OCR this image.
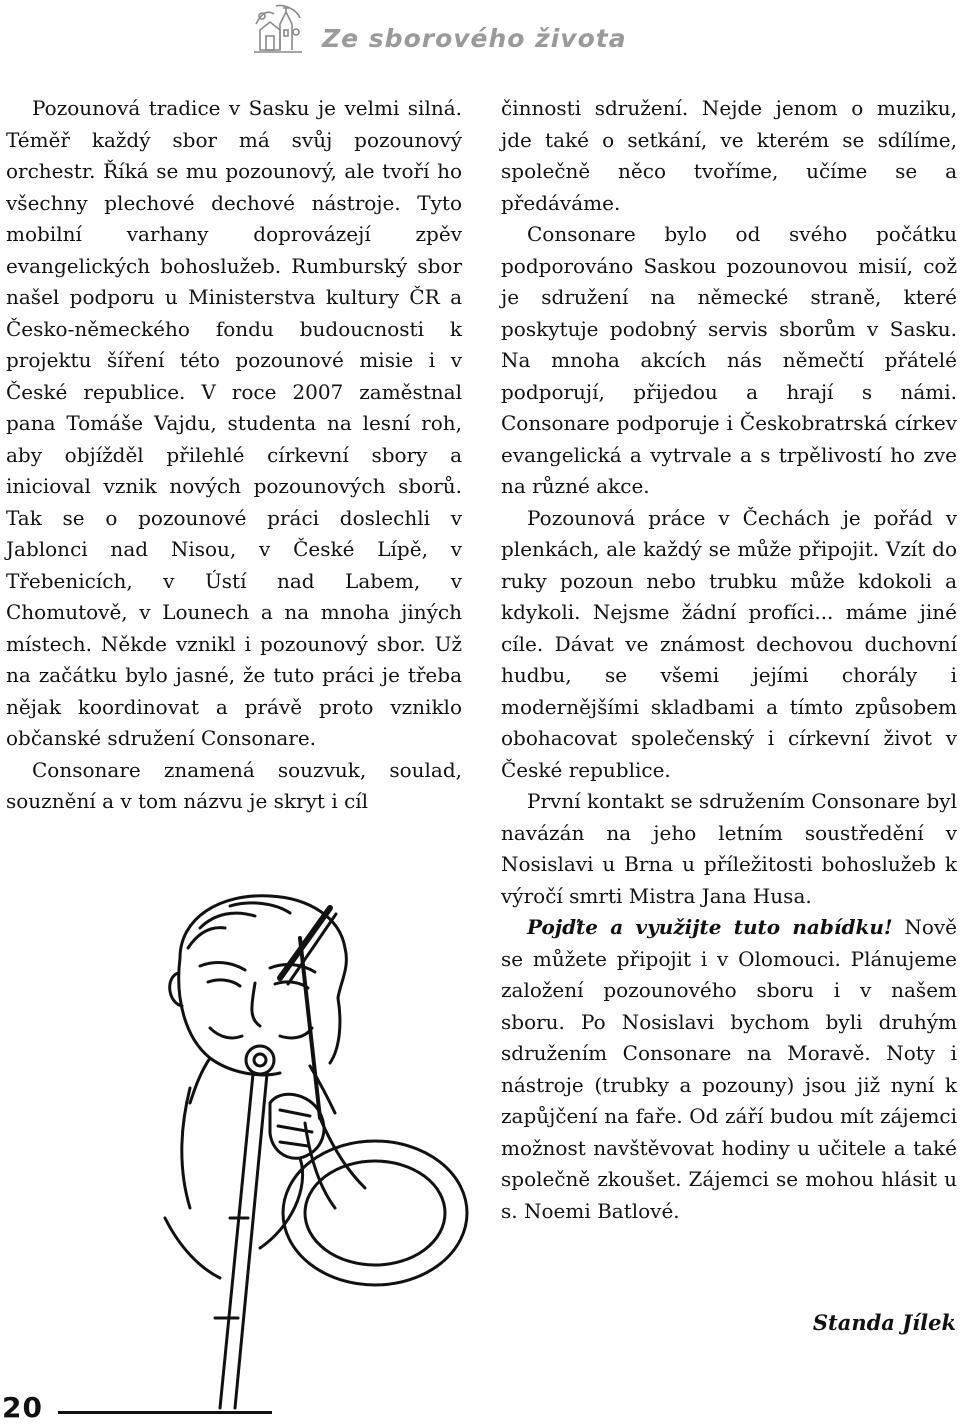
Ze sborového života

Pozounová tradice v Sasku je velmi silná. Téměř každý sbor má svůj pozounový orchestr. Říká se mu pozounový, ale tvoří ho všechny plechové dechové nástroje. Tyto mobilní varhany doprovázejí zpěv evangelických bohoslužeb. Rumburský sbor našel podporu u Ministerstva kultury ČR a Česko-německého fondu budoucnosti k projektu šíření této pozounové misie i v České republice. V roce 2007 zaměstnal pana Tomáše Vajdu, studenta na lesní roh, aby objížděl přilehlé církevní sbory a inicioval vznik nových pozounových sborů. Tak se o pozounové práci doslechli v Jablonci nad Nisou, v České Lípě, v Třebenicích, v Ústí nad Labem, v Chomutově, v Lounech a na mnoha jiných místech. Někde vznikl i pozounový sbor. Už na začátku bylo jasné, že tuto práci je třeba nějak koordinovat a právě proto vzniklo občanské sdružení Consonare.

Consonare znamená souzvuk, soulad, souznění a v tom názvu je skryt i cíl

činnosti sdružení. Nejde jenom o muziku, jde také o setkání, ve kterém se sdílíme, společně něco tvoříme, učíme se a předáváme.

Consonare bylo od svého počátku podporováno Saskou pozounovou misií, což je sdružení na německé straně, které poskytuje podobný servis sborům v Sasku. Na mnoha akcích nás němečtí přátelé podporují, přijedou a hrají s námi. Consonare podporuje i Českobratrská církev evangelická a vytrvale a s trpělivostí ho zve na různé akce.

Pozounová práce v Čechách je pořád v plenkách, ale každý se může připojit. Vzít do ruky pozoun nebo trubku může kdokoli a kdykoli. Nejsme žádní profíci... máme jiné cíle. Dávat ve známost dechovou duchovní hudbu, se všemi jejími chorály i modernějšími skladbami a tímto způsobem obohacovat společenský i církevní život v České republice.

První kontakt se sdružením Consonare byl navázán na jeho letním soustředění v Nosislavi u Brna u příležitosti bohoslužeb k výročí smrti Mistra Jana Husa.

Pojďte a využijte tuto nabídku! Nově se můžete připojit i v Olomouci. Plánujeme založení pozounového sboru i v našem sboru. Po Nosislavi bychom byli druhým sdružením Consonare na Moravě. Noty i nástroje (trubky a pozouny) jsou již nyní k zapůjčení na faře. Od září budou mít zájemci možnost navštěvovat hodiny u učitele a také společně zkoušet. Zájemci se mohou hlásit u s. Noemi Batlové.

Standa Jílek
20
